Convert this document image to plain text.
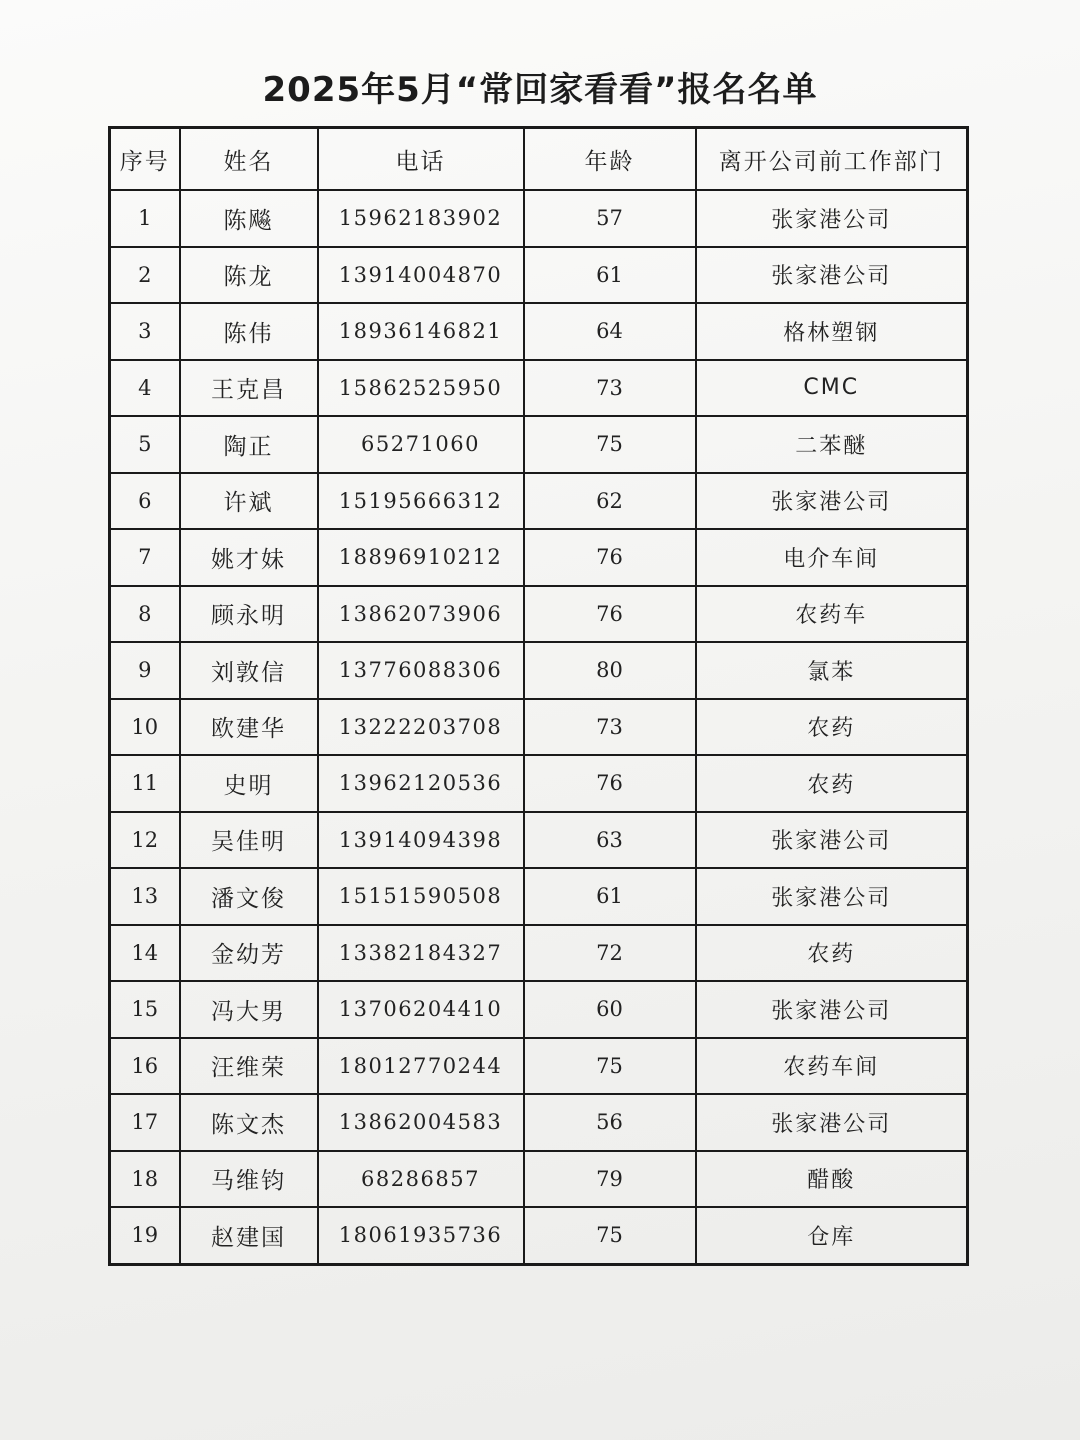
2025年5月“常回家看看”报名名单
序号	姓名	电话	年龄	离开公司前工作部门
1	陈飚	15962183902	57	张家港公司
2	陈龙	13914004870	61	张家港公司
3	陈伟	18936146821	64	格林塑钢
4	王克昌	15862525950	73	CMC
5	陶正	65271060	75	二苯醚
6	许斌	15195666312	62	张家港公司
7	姚才妹	18896910212	76	电介车间
8	顾永明	13862073906	76	农药车
9	刘敦信	13776088306	80	氯苯
10	欧建华	13222203708	73	农药
11	史明	13962120536	76	农药
12	吴佳明	13914094398	63	张家港公司
13	潘文俊	15151590508	61	张家港公司
14	金幼芳	13382184327	72	农药
15	冯大男	13706204410	60	张家港公司
16	汪维荣	18012770244	75	农药车间
17	陈文杰	13862004583	56	张家港公司
18	马维钧	68286857	79	醋酸
19	赵建国	18061935736	75	仓库
